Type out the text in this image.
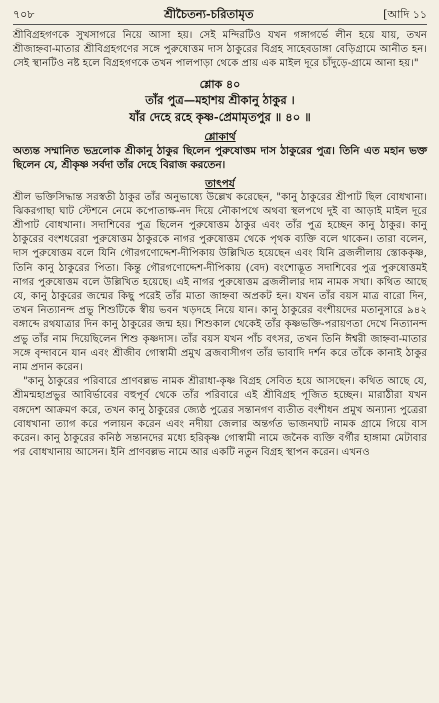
৭০৮	শ্রীচৈতন্য-চরিতামৃত	[আদি ১১

শ্রীবিগ্রহগণকে সুখসাগরে নিয়ে আসা হয়। সেই মন্দিরটিও যখন গঙ্গাগর্ভে লীন হয়ে যায়, তখন শ্রীজাহ্নবা-মাতার শ্রীবিগ্রহগণের সঙ্গে পুরুষোত্তম দাস ঠাকুরের বিগ্রহ সাহেবডাঙ্গা বেড়িগ্রামে আনীত হন। সেই স্থানটিও নষ্ট হলে বিগ্রহগণকে তখন পালপাড়া থেকে প্রায় এক মাইল দূরে চাঁদুড়ে-গ্রামে আনা হয়।"

শ্লোক ৪০
তাঁর পুত্র—মহাশয় শ্রীকানু ঠাকুর ।
যাঁর দেহে রহে কৃষ্ণ-প্রেমামৃতপুর ॥ ৪০ ॥
শ্লোকার্থ

অত্যন্ত সম্মানিত ভদ্রলোক শ্রীকানু ঠাকুর ছিলেন পুরুষোত্তম দাস ঠাকুরের পুত্র। তিনি এত মহান ভক্ত ছিলেন যে, শ্রীকৃষ্ণ সর্বদা তাঁর দেহে বিরাজ করতেন।

তাৎপর্য

শ্রীল ভক্তিসিদ্ধান্ত সরস্বতী ঠাকুর তাঁর অনুভাষ্যে উল্লেখ করেছেন, "কানু ঠাকুরের শ্রীপাট ছিল বোধখানা। ঝিকরগাছা ঘাট স্টেশনে নেমে কপোতাক্ষ-নদ দিয়ে নৌকাপথে অথবা স্থলপথে দুই বা আড়াই মাইল দূরে শ্রীপাট বোধখানা। সদাশিবের পুত্র ছিলেন পুরুষোত্তম ঠাকুর এবং তাঁর পুত্র হচ্ছেন কানু ঠাকুর। কানু ঠাকুরের বংশধরেরা পুরুষোত্তম ঠাকুরকে নাগর পুরুষোত্তম থেকে পৃথক ব্যক্তি বলে থাকেন। তারা বলেন, দাস পুরুষোত্তম বলে যিনি গৌরগণোদ্দেশ-দীপিকায় উল্লিখিত হয়েছেন এবং যিনি ব্রজলীলায় স্তোককৃষ্ণ, তিনি কানু ঠাকুরের পিতা। কিন্তু গৌরগণোদ্দেশ-দীপিকায় (বেদ) বংশোদ্ভূত সদাশিবের পুত্র পুরুষোত্তমই নাগর পুরুষোত্তম বলে উল্লিখিত হয়েছে। এই নাগর পুরুষোত্তম ব্রজলীলার দাম নামক সখা। কথিত আছে যে, কানু ঠাকুরের জন্মের কিছু পরেই তাঁর মাতা জাহ্নবা অপ্রকট হন। যখন তাঁর বয়স মাত্র বারো দিন, তখন নিত্যানন্দ প্রভু শিশুটিকে স্বীয় ভবন খড়দহে নিয়ে যান। কানু ঠাকুরের বংশীয়দের মতানুসারে ৯৪২ বঙ্গাব্দে রথযাত্রার দিন কানু ঠাকুরের জন্ম হয়। শিশুকাল থেকেই তাঁর কৃষ্ণভক্তি-পরায়ণতা দেখে নিত্যানন্দ প্রভু তাঁর নাম দিয়েছিলেন শিশু কৃষ্ণদাস। তাঁর বয়স যখন পাঁচ বৎসর, তখন তিনি ঈশ্বরী জাহ্নবা-মাতার সঙ্গে বৃন্দাবনে যান এবং শ্রীজীব গোস্বামী প্রমুখ ব্রজবাসীগণ তাঁর ভাবাদি দর্শন করে তাঁকে কানাই ঠাকুর নাম প্রদান করেন।

"কানু ঠাকুরের পরিবারে প্রাণবল্লভ নামক শ্রীরাধা-কৃষ্ণ বিগ্রহ সেবিত হয়ে আসছেন। কথিত আছে যে, শ্রীমন্মহাপ্রভুর আবির্ভাবের বহুপূর্ব থেকে তাঁর পরিবারে এই শ্রীবিগ্রহ পূজিত হচ্ছেন। মারাঠীরা যখন বঙ্গদেশ আক্রমণ করে, তখন কানু ঠাকুরের জ্যেষ্ঠ পুত্রের সন্তানগণ ব্যতীত বংশীধন প্রমুখ অন্যান্য পুত্রেরা বোধখানা ত্যাগ করে পলায়ন করেন এবং নদীয়া জেলার অন্তর্গত ভাজনঘাট নামক গ্রামে গিয়ে বাস করেন। কানু ঠাকুরের কনিষ্ঠ সন্তানদের মধ্যে হরিকৃষ্ণ গোস্বামী নামে জনৈক ব্যক্তি বর্গীর হাঙ্গামা মেটাবার পর বোধখানায় আসেন। ইনি প্রাণবল্লভ নামে আর একটি নতুন বিগ্রহ স্থাপন করেন। এখনও
